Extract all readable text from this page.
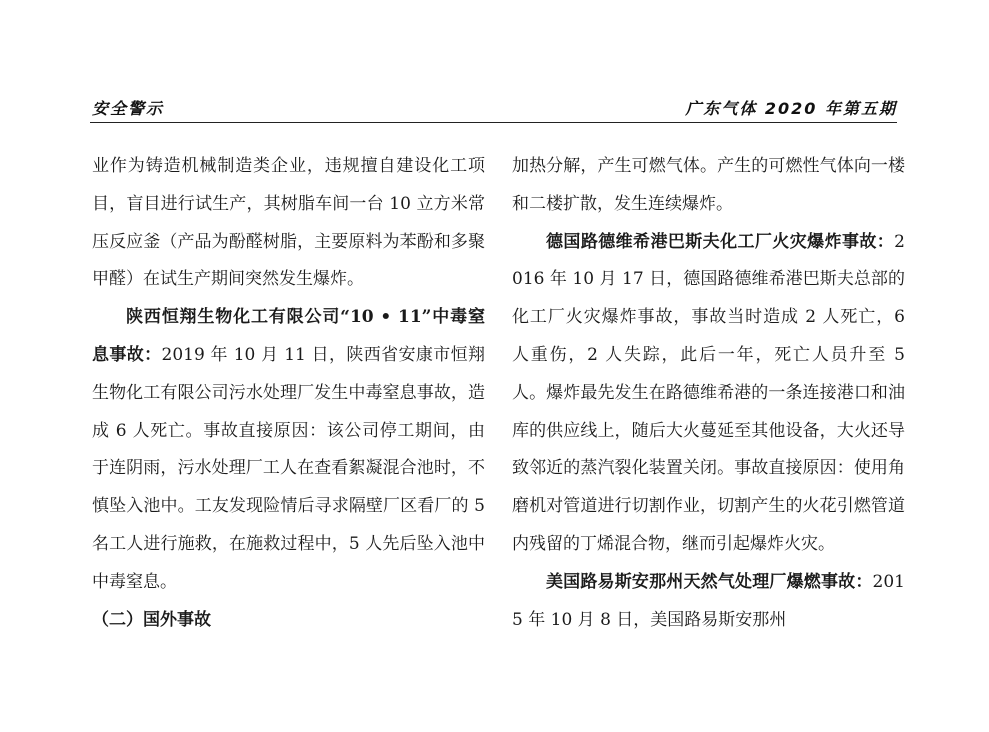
安全警示	广东气体 2020 年第五期

业作为铸造机械制造类企业，违规擅自建设化工项目，盲目进行试生产，其树脂车间一台 10 立方米常压反应釜（产品为酚醛树脂，主要原料为苯酚和多聚甲醛）在试生产期间突然发生爆炸。

陕西恒翔生物化工有限公司“10 • 11”中毒窒息事故：2019 年 10 月 11 日，陕西省安康市恒翔生物化工有限公司污水处理厂发生中毒窒息事故，造成 6 人死亡。事故直接原因：该公司停工期间，由于连阴雨，污水处理厂工人在查看絮凝混合池时，不慎坠入池中。工友发现险情后寻求隔壁厂区看厂的 5 名工人进行施救，在施救过程中，5 人先后坠入池中中毒窒息。

（二）国外事故

加热分解，产生可燃气体。产生的可燃性气体向一楼和二楼扩散，发生连续爆炸。

德国路德维希港巴斯夫化工厂火灾爆炸事故：2016 年 10 月 17 日，德国路德维希港巴斯夫总部的化工厂火灾爆炸事故，事故当时造成 2 人死亡，6 人重伤，2 人失踪，此后一年，死亡人员升至 5 人。爆炸最先发生在路德维希港的一条连接港口和油库的供应线上，随后大火蔓延至其他设备，大火还导致邻近的蒸汽裂化装置关闭。事故直接原因：使用角磨机对管道进行切割作业，切割产生的火花引燃管道内残留的丁烯混合物，继而引起爆炸火灾。

美国路易斯安那州天然气处理厂爆燃事故：2015 年 10 月 8 日，美国路易斯安那州
